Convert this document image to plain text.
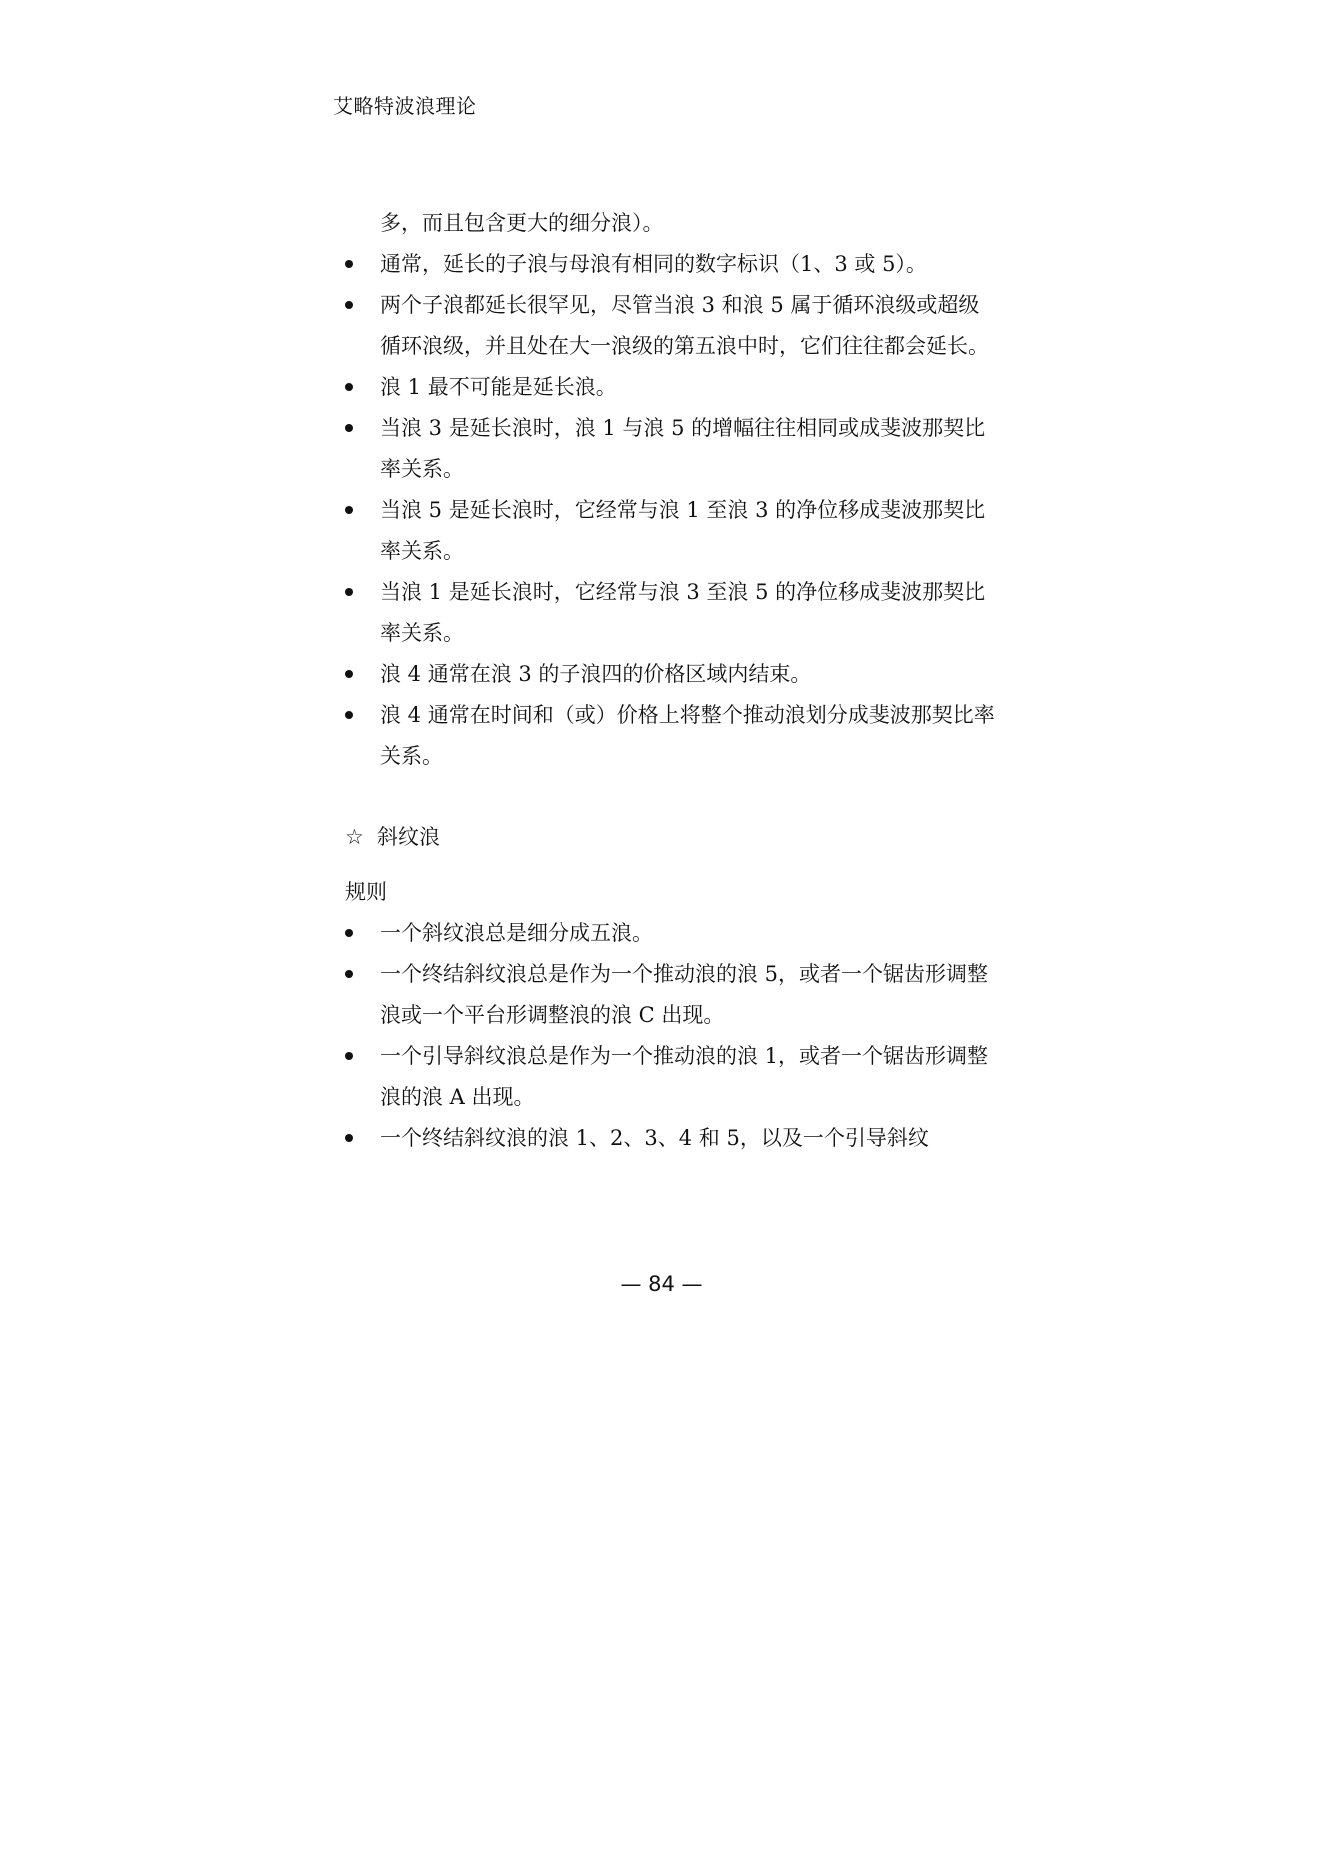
艾略特波浪理论

多，而且包含更大的细分浪）。

通常，延长的子浪与母浪有相同的数字标识（1、3 或 5）。
两个子浪都延长很罕见，尽管当浪 3 和浪 5 属于循环浪级或超级循环浪级，并且处在大一浪级的第五浪中时，它们往往都会延长。
浪 1 最不可能是延长浪。
当浪 3 是延长浪时，浪 1 与浪 5 的增幅往往相同或成斐波那契比率关系。
当浪 5 是延长浪时，它经常与浪 1 至浪 3 的净位移成斐波那契比率关系。
当浪 1 是延长浪时，它经常与浪 3 至浪 5 的净位移成斐波那契比率关系。
浪 4 通常在浪 3 的子浪四的价格区域内结束。
浪 4 通常在时间和（或）价格上将整个推动浪划分成斐波那契比率关系。
☆ 斜纹浪
规则
一个斜纹浪总是细分成五浪。
一个终结斜纹浪总是作为一个推动浪的浪 5，或者一个锯齿形调整浪或一个平台形调整浪的浪 C 出现。
一个引导斜纹浪总是作为一个推动浪的浪 1，或者一个锯齿形调整浪的浪 A 出现。
一个终结斜纹浪的浪 1、2、3、4 和 5，以及一个引导斜纹
— 84 —
